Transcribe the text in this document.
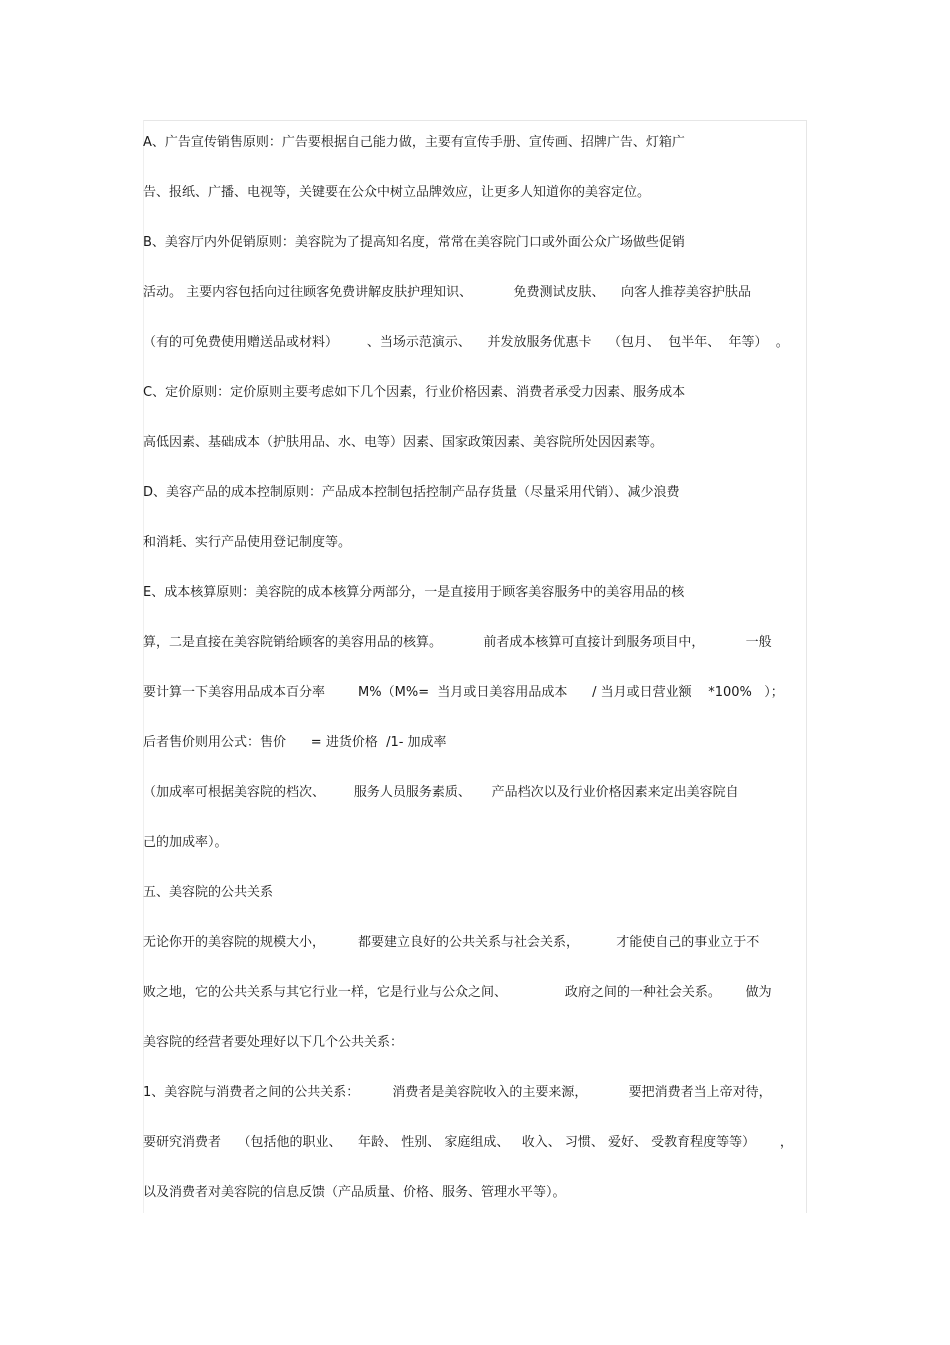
A、广告宣传销售原则：广告要根据自己能力做，主要有宣传手册、宣传画、招牌广告、灯箱广
告、报纸、广播、电视等，关键要在公众中树立品牌效应，让更多人知道你的美容定位。
B、美容厅内外促销原则：美容院为了提高知名度，常常在美容院门口或外面公众广场做些促销
活动。 主要内容包括向过往顾客免费讲解皮肤护理知识、          免费测试皮肤、    向客人推荐美容护肤品
（有的可免费使用赠送品或材料）       、当场示范演示、    并发放服务优惠卡    （包月、  包半年、  年等）  。
C、定价原则：定价原则主要考虑如下几个因素，行业价格因素、消费者承受力因素、服务成本
高低因素、基础成本（护肤用品、水、电等）因素、国家政策因素、美容院所处因因素等。
D、美容产品的成本控制原则：产品成本控制包括控制产品存货量（尽量采用代销）、减少浪费
和消耗、实行产品使用登记制度等。
E、成本核算原则：美容院的成本核算分两部分，一是直接用于顾客美容服务中的美容用品的核
算，二是直接在美容院销给顾客的美容用品的核算。          前者成本核算可直接计到服务项目中，          一般
要计算一下美容用品成本百分率        M%（M%=  当月或日美容用品成本      / 当月或日营业额    *100%   ）；
后者售价则用公式：售价      = 进货价格  /1- 加成率
（加成率可根据美容院的档次、       服务人员服务素质、     产品档次以及行业价格因素来定出美容院自
己的加成率）。
五、美容院的公共关系
无论你开的美容院的规模大小，        都要建立良好的公共关系与社会关系，         才能使自己的事业立于不
败之地，它的公共关系与其它行业一样，它是行业与公众之间、              政府之间的一种社会关系。      做为
美容院的经营者要处理好以下几个公共关系：
1、美容院与消费者之间的公共关系：        消费者是美容院收入的主要来源，          要把消费者当上帝对待，
要研究消费者    （包括他的职业、    年龄、 性别、 家庭组成、   收入、 习惯、 爱好、 受教育程度等等）      ，
以及消费者对美容院的信息反馈（产品质量、价格、服务、管理水平等）。
